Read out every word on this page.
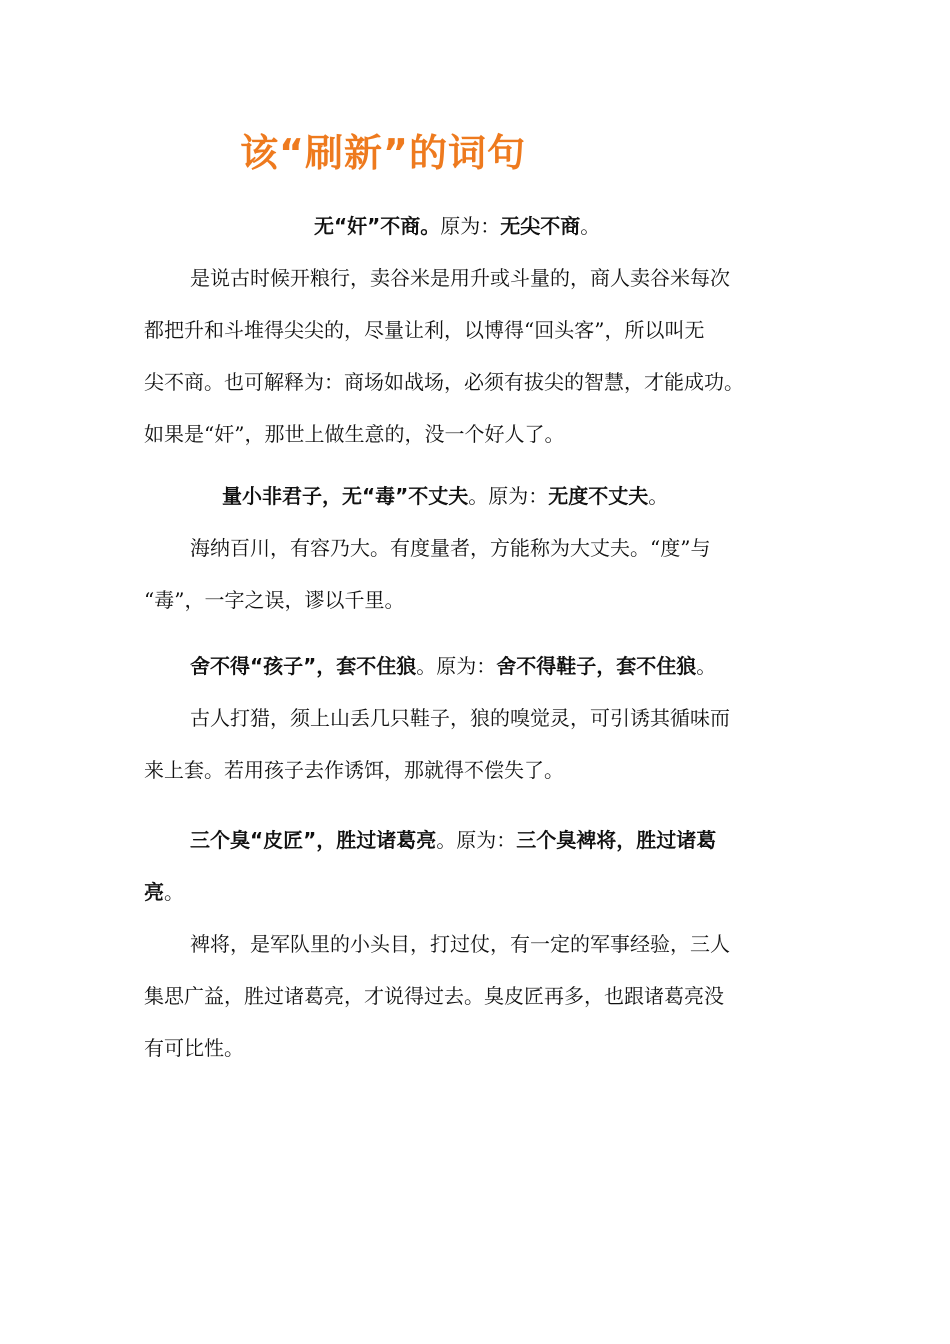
该“刷新”的词句
无“奸”不商。原为：无尖不商。
是说古时候开粮行，卖谷米是用升或斗量的，商人卖谷米每次
都把升和斗堆得尖尖的，尽量让利，以博得“回头客”，所以叫无
尖不商。也可解释为：商场如战场，必须有拔尖的智慧，才能成功。
如果是“奸”，那世上做生意的，没一个好人了。
量小非君子，无“毒”不丈夫。原为：无度不丈夫。
海纳百川，有容乃大。有度量者，方能称为大丈夫。“度”与
“毒”，一字之误，谬以千里。
舍不得“孩子”，套不住狼。原为：舍不得鞋子，套不住狼。
古人打猎，须上山丢几只鞋子，狼的嗅觉灵，可引诱其循味而
来上套。若用孩子去作诱饵，那就得不偿失了。
三个臭“皮匠”，胜过诸葛亮。原为：三个臭裨将，胜过诸葛
亮。
裨将，是军队里的小头目，打过仗，有一定的军事经验，三人
集思广益，胜过诸葛亮，才说得过去。臭皮匠再多，也跟诸葛亮没
有可比性。
